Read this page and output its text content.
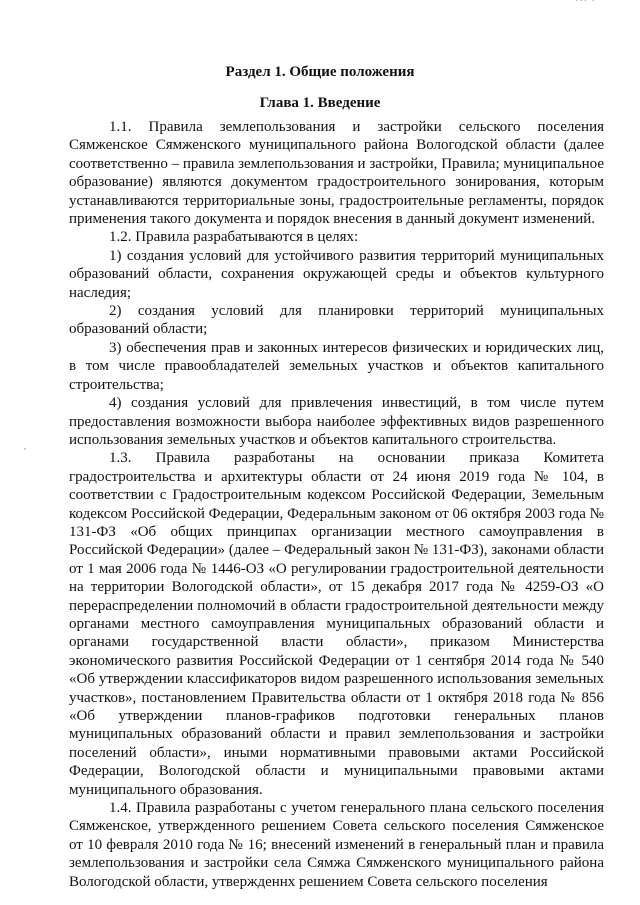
··· ·
Раздел 1. Общие положения
Глава 1. Введение

1.1. Правила землепользования и застройки сельского поселения Сямженское Сямженского муниципального района Вологодской области (далее соответственно – правила землепользования и застройки, Правила; муниципальное образование) являются документом градостроительного зонирования, которым устанавливаются территориальные зоны, градостроительные регламенты, порядок применения такого документа и порядок внесения в данный документ изменений.

1.2. Правила разрабатываются в целях:

1) создания условий для устойчивого развития территорий муниципальных образований области, сохранения окружающей среды и объектов культурного наследия;

2) создания условий для планировки территорий муниципальных образований области;

3) обеспечения прав и законных интересов физических и юридических лиц, в том числе правообладателей земельных участков и объектов капитального строительства;

4) создания условий для привлечения инвестиций, в том числе путем предоставления возможности выбора наиболее эффективных видов разрешенного использования земельных участков и объектов капитального строительства.

1.3. Правила разработаны на основании приказа Комитета градостроительства и архитектуры области от 24 июня 2019 года № 104, в соответствии с Градостроительным кодексом Российской Федерации, Земельным кодексом Российской Федерации, Федеральным законом от 06 октября 2003 года № 131-ФЗ «Об общих принципах организации местного самоуправления в Российской Федерации» (далее – Федеральный закон № 131-ФЗ), законами области от 1 мая 2006 года № 1446-ОЗ «О регулировании градостроительной деятельности на территории Вологодской области», от 15 декабря 2017 года № 4259-ОЗ «О перераспределении полномочий в области градостроительной деятельности между органами местного самоуправления муниципальных образований области и органами государственной власти области», приказом Министерства экономического развития Российской Федерации от 1 сентября 2014 года № 540 «Об утверждении классификаторов видом разрешенного использования земельных участков», постановлением Правительства области от 1 октября 2018 года № 856 «Об утверждении планов-графиков подготовки генеральных планов муниципальных образований области и правил землепользования и застройки поселений области», иными нормативными правовыми актами Российской Федерации, Вологодской области и муниципальными правовыми актами муниципального образования.

1.4. Правила разработаны с учетом генерального плана сельского поселения Сямженское, утвержденного решением Совета сельского поселения Сямженское от 10 февраля 2010 года № 16; внесений изменений в генеральный план и правила землепользования и застройки села Сямжа Сямженского муниципального района Вологодской области, утвержденнх решением Совета сельского поселения
